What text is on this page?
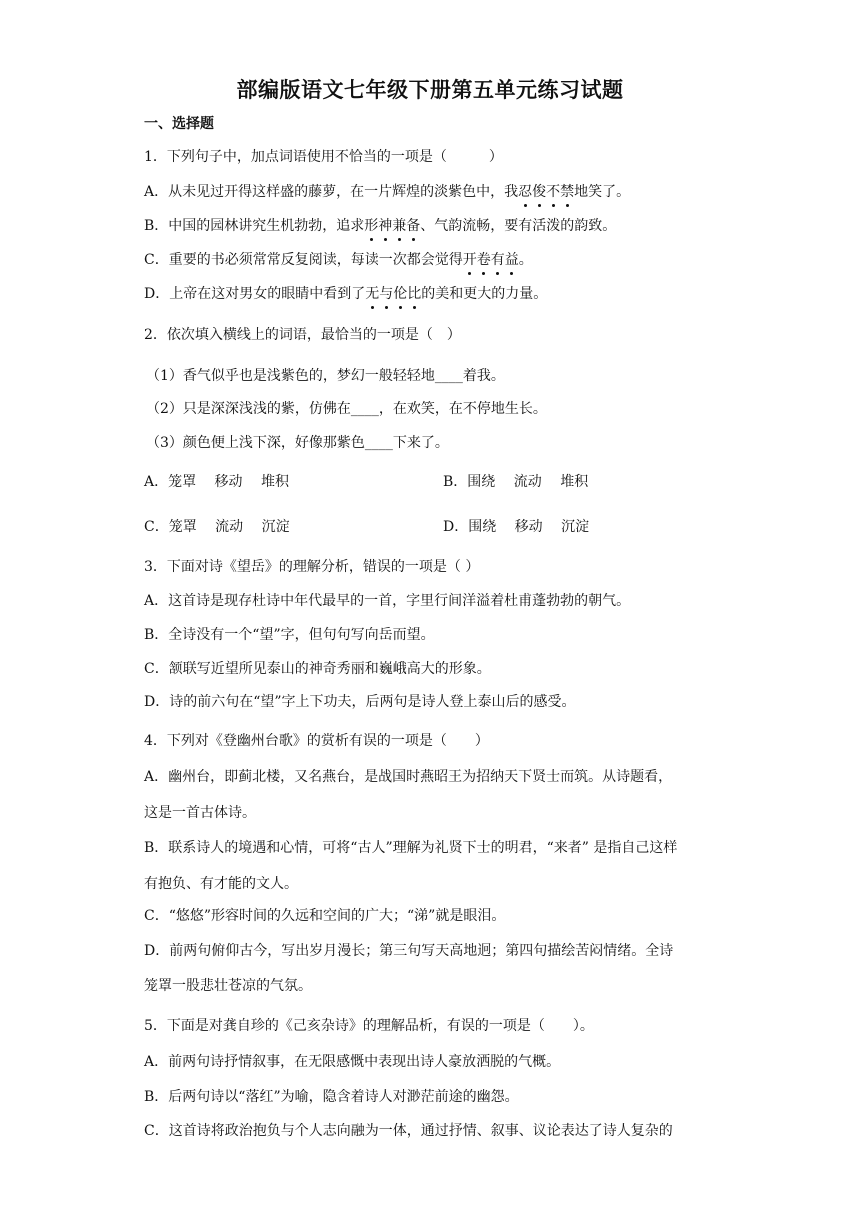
部编版语文七年级下册第五单元练习试题
一、选择题
1．下列句子中，加点词语使用不恰当的一项是（　　　）
A．从未见过开得这样盛的藤萝，在一片辉煌的淡紫色中，我忍俊不禁地笑了。
B．中国的园林讲究生机勃勃，追求形神兼备、气韵流畅，要有活泼的韵致。
C．重要的书必须常常反复阅读，每读一次都会觉得开卷有益。
D．上帝在这对男女的眼睛中看到了无与伦比的美和更大的力量。
2．依次填入横线上的词语，最恰当的一项是（　）
（1）香气似乎也是浅紫色的，梦幻一般轻轻地____着我。
（2）只是深深浅浅的紫，仿佛在____，在欢笑，在不停地生长。
（3）颜色便上浅下深，好像那紫色____下来了。
A．笼罩　 移动　 堆积	B．围绕　 流动　 堆积
C．笼罩　 流动　 沉淀	D．围绕　 移动　 沉淀
3．下面对诗《望岳》的理解分析，错误的一项是（ ）
A．这首诗是现存杜诗中年代最早的一首，字里行间洋溢着杜甫蓬勃勃的朝气。
B．全诗没有一个“望”字，但句句写向岳而望。
C．颔联写近望所见泰山的神奇秀丽和巍峨高大的形象。
D．诗的前六句在“望”字上下功夫，后两句是诗人登上泰山后的感受。
4．下列对《登幽州台歌》的赏析有误的一项是（　　）
A．幽州台，即蓟北楼，又名燕台，是战国时燕昭王为招纳天下贤士而筑。从诗题看，
这是一首古体诗。
B．联系诗人的境遇和心情，可将“古人”理解为礼贤下士的明君，“来者” 是指自己这样
有抱负、有才能的文人。
C．“悠悠”形容时间的久远和空间的广大；“涕”就是眼泪。
D．前两句俯仰古今，写出岁月漫长；第三句写天高地迥；第四句描绘苦闷情绪。全诗
笼罩一股悲壮苍凉的气氛。
5．下面是对龚自珍的《己亥杂诗》的理解品析，有误的一项是（　　）。
A．前两句诗抒情叙事，在无限感慨中表现出诗人豪放洒脱的气概。
B．后两句诗以“落红”为喻，隐含着诗人对渺茫前途的幽怨。
C．这首诗将政治抱负与个人志向融为一体，通过抒情、叙事、议论表达了诗人复杂的
